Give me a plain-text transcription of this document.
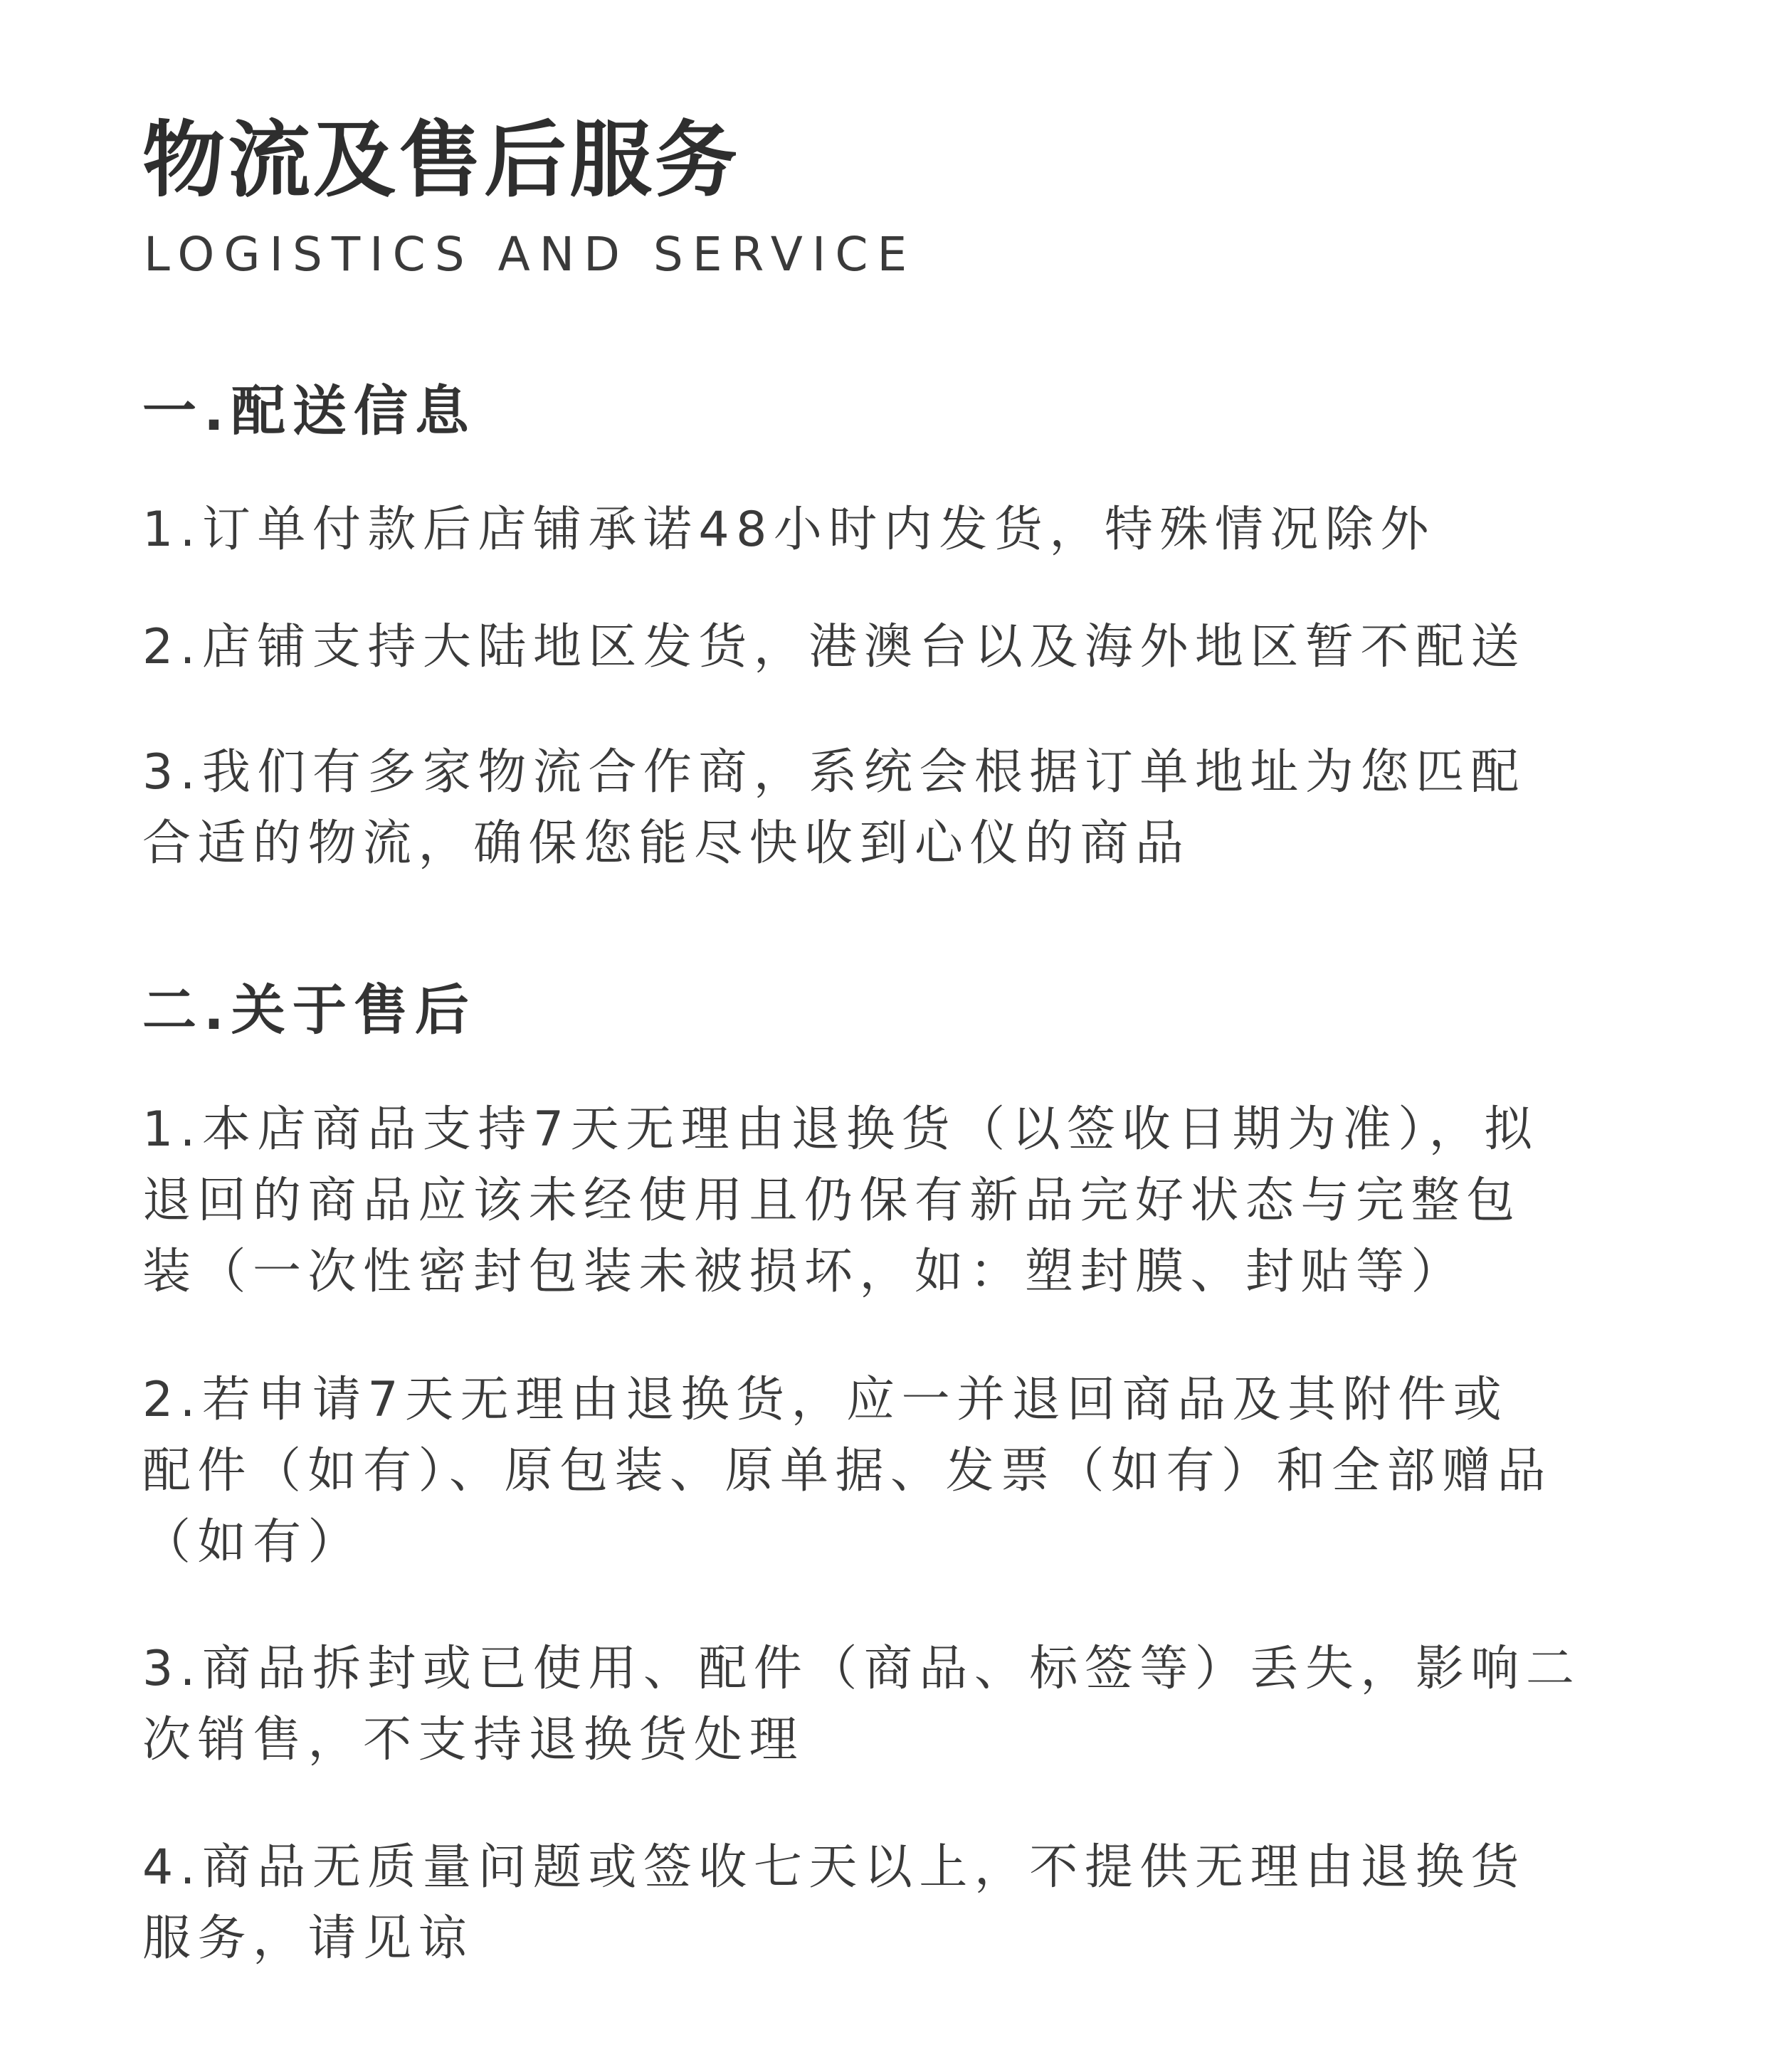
物流及售后服务
LOGISTICS AND SERVICE
一.配送信息
1.订单付款后店铺承诺48小时内发货，特殊情况除外
2.店铺支持大陆地区发货，港澳台以及海外地区暂不配送
3.我们有多家物流合作商，系统会根据订单地址为您匹配
合适的物流，确保您能尽快收到心仪的商品
二.关于售后
1.本店商品支持7天无理由退换货（以签收日期为准），拟
退回的商品应该未经使用且仍保有新品完好状态与完整包
装（一次性密封包装未被损坏，如：塑封膜、封贴等）
2.若申请7天无理由退换货，应一并退回商品及其附件或
配件（如有）、原包装、原单据、发票（如有）和全部赠品
（如有）
3.商品拆封或已使用、配件（商品、标签等）丢失，影响二
次销售，不支持退换货处理
4.商品无质量问题或签收七天以上，不提供无理由退换货
服务，请见谅
